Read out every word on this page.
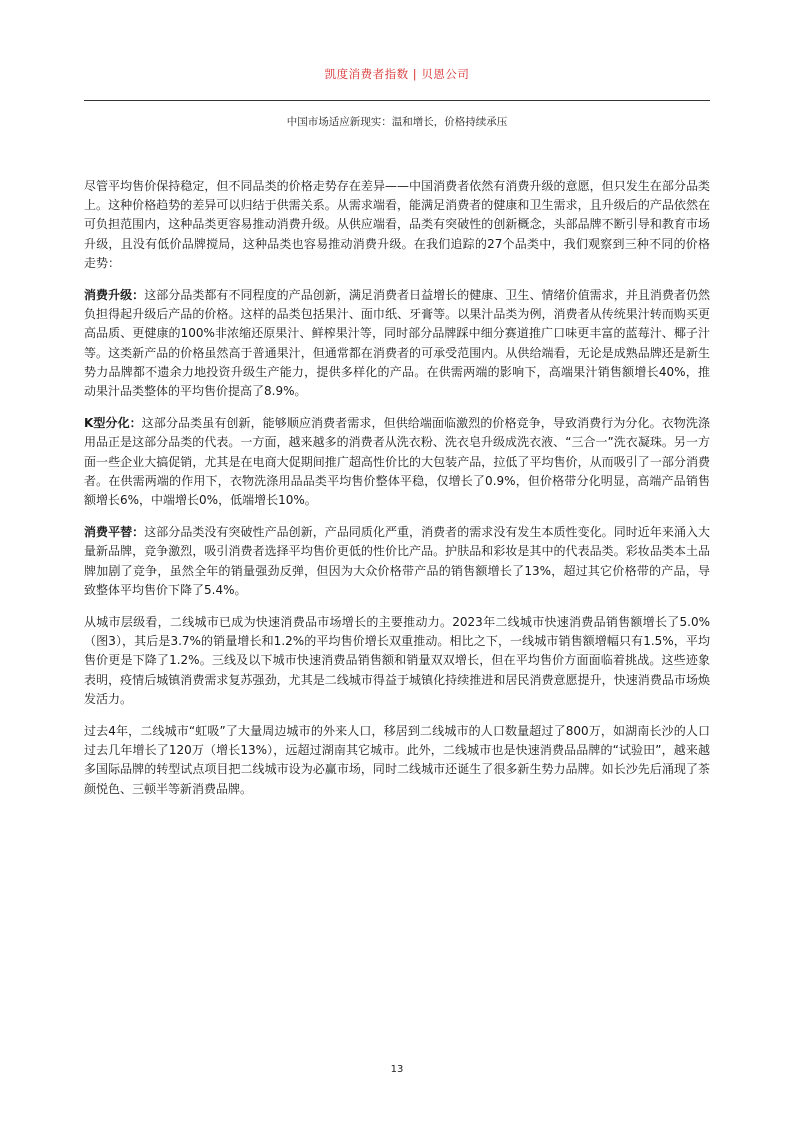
凯度消费者指数 | 贝恩公司
中国市场适应新现实：温和增长，价格持续承压

尽管平均售价保持稳定，但不同品类的价格走势存在差异——中国消费者依然有消费升级的意愿，但只发生在部分品类上。这种价格趋势的差异可以归结于供需关系。从需求端看，能满足消费者的健康和卫生需求，且升级后的产品依然在可负担范围内，这种品类更容易推动消费升级。从供应端看，品类有突破性的创新概念，头部品牌不断引导和教育市场升级，且没有低价品牌搅局，这种品类也容易推动消费升级。在我们追踪的27个品类中，我们观察到三种不同的价格走势：

消费升级：这部分品类都有不同程度的产品创新，满足消费者日益增长的健康、卫生、情绪价值需求，并且消费者仍然负担得起升级后产品的价格。这样的品类包括果汁、面巾纸、牙膏等。以果汁品类为例，消费者从传统果汁转而购买更高品质、更健康的100%非浓缩还原果汁、鲜榨果汁等，同时部分品牌踩中细分赛道推广口味更丰富的蓝莓汁、椰子汁等。这类新产品的价格虽然高于普通果汁，但通常都在消费者的可承受范围内。从供给端看，无论是成熟品牌还是新生势力品牌都不遗余力地投资升级生产能力，提供多样化的产品。在供需两端的影响下，高端果汁销售额增长40%，推动果汁品类整体的平均售价提高了8.9%。

K型分化：这部分品类虽有创新，能够顺应消费者需求，但供给端面临激烈的价格竞争，导致消费行为分化。衣物洗涤用品正是这部分品类的代表。一方面，越来越多的消费者从洗衣粉、洗衣皂升级成洗衣液、“三合一”洗衣凝珠。另一方面一些企业大搞促销，尤其是在电商大促期间推广超高性价比的大包装产品，拉低了平均售价，从而吸引了一部分消费者。在供需两端的作用下，衣物洗涤用品品类平均售价整体平稳，仅增长了0.9%，但价格带分化明显，高端产品销售额增长6%，中端增长0%，低端增长10%。

消费平替：这部分品类没有突破性产品创新，产品同质化严重，消费者的需求没有发生本质性变化。同时近年来涌入大量新品牌，竞争激烈，吸引消费者选择平均售价更低的性价比产品。护肤品和彩妆是其中的代表品类。彩妆品类本土品牌加剧了竞争，虽然全年的销量强劲反弹，但因为大众价格带产品的销售额增长了13%，超过其它价格带的产品，导致整体平均售价下降了5.4%。

从城市层级看，二线城市已成为快速消费品市场增长的主要推动力。2023年二线城市快速消费品销售额增长了5.0%（图3），其后是3.7%的销量增长和1.2%的平均售价增长双重推动。相比之下，一线城市销售额增幅只有1.5%，平均售价更是下降了1.2%。三线及以下城市快速消费品销售额和销量双双增长，但在平均售价方面面临着挑战。这些迹象表明，疫情后城镇消费需求复苏强劲，尤其是二线城市得益于城镇化持续推进和居民消费意愿提升，快速消费品市场焕发活力。

过去4年，二线城市“虹吸”了大量周边城市的外来人口，移居到二线城市的人口数量超过了800万，如湖南长沙的人口过去几年增长了120万（增长13%），远超过湖南其它城市。此外，二线城市也是快速消费品品牌的“试验田”，越来越多国际品牌的转型试点项目把二线城市设为必赢市场，同时二线城市还诞生了很多新生势力品牌。如长沙先后涌现了茶颜悦色、三顿半等新消费品牌。

13
